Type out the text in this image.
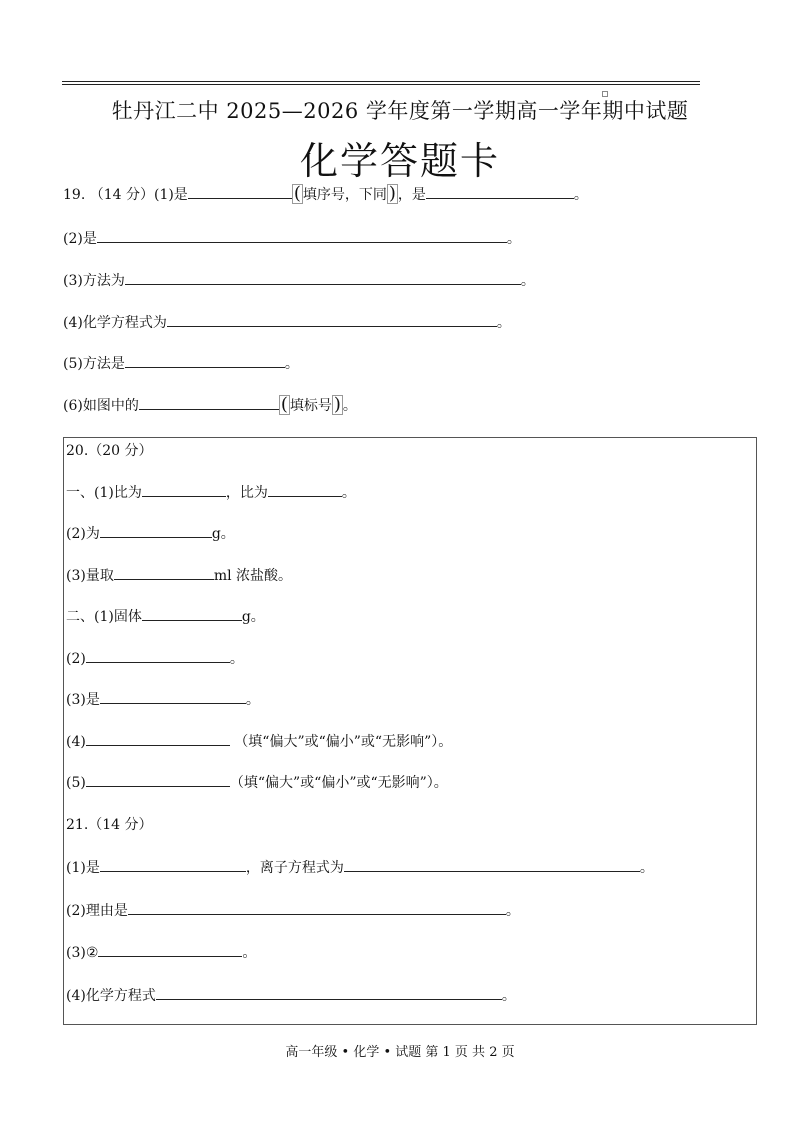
牡丹江二中 2025—2026 学年度第一学期高一学年期中试题
化学答题卡
19. （14 分）(1)是	( 填序号，下同 ) ，是	。
(2)是	。
(3)方法为	。
(4)化学方程式为	。
(5)方法是	。
(6)如图中的	( 填标号 ) 。
20.（20 分）
一、(1)比为	，比为	。
(2)为	g。
(3)量取	ml 浓盐酸。
二、(1)固体	g。
(2)	。
(3)是	。
(4)	（填“偏大”或“偏小”或“无影响”）。
(5)	（填“偏大”或“偏小”或“无影响”）。
21.（14 分）
(1)是	，离子方程式为	。
(2)理由是	。
(3)②	。
(4)化学方程式	。
高一年级 • 化学 • 试题 第 1 页 共 2 页
